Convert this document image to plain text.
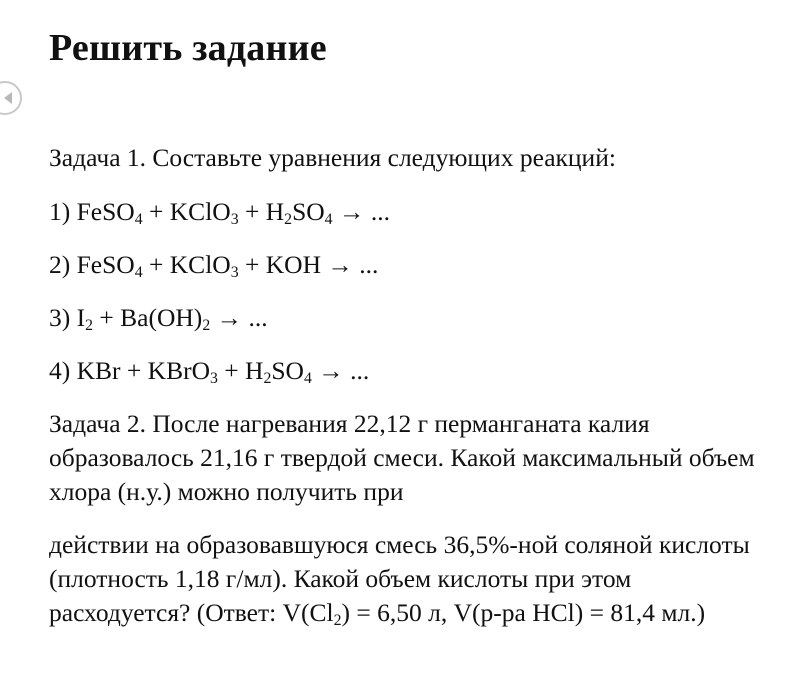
Решить задание

Задача 1. Составьте уравнения следующих реакций:

1) FeSO$_4$ + KClO$_3$ + $H_2SO_4$ → ...

2) FeSO$_4$ + KClO$_3$ + KOH → ...

3) $I_2 + Ba(OH)_2$ → ...

4) KBr + KBrO$_3$ + $H_2SO_4$ → ...

Задача 2. После нагревания 22,12 г перманганата калия образовалось 21,16 г твердой смеси. Какой максимальный объем хлора (н.у.) можно получить при

действии на образовавшуюся смесь 36,5%-ной соляной кислоты (плотность 1,18 г/мл). Какой объем кислоты при этом расходуется? (Ответ: $V(Cl_2) = 6,50$ л, V(р-ра HCl) = 81,4 мл.)
